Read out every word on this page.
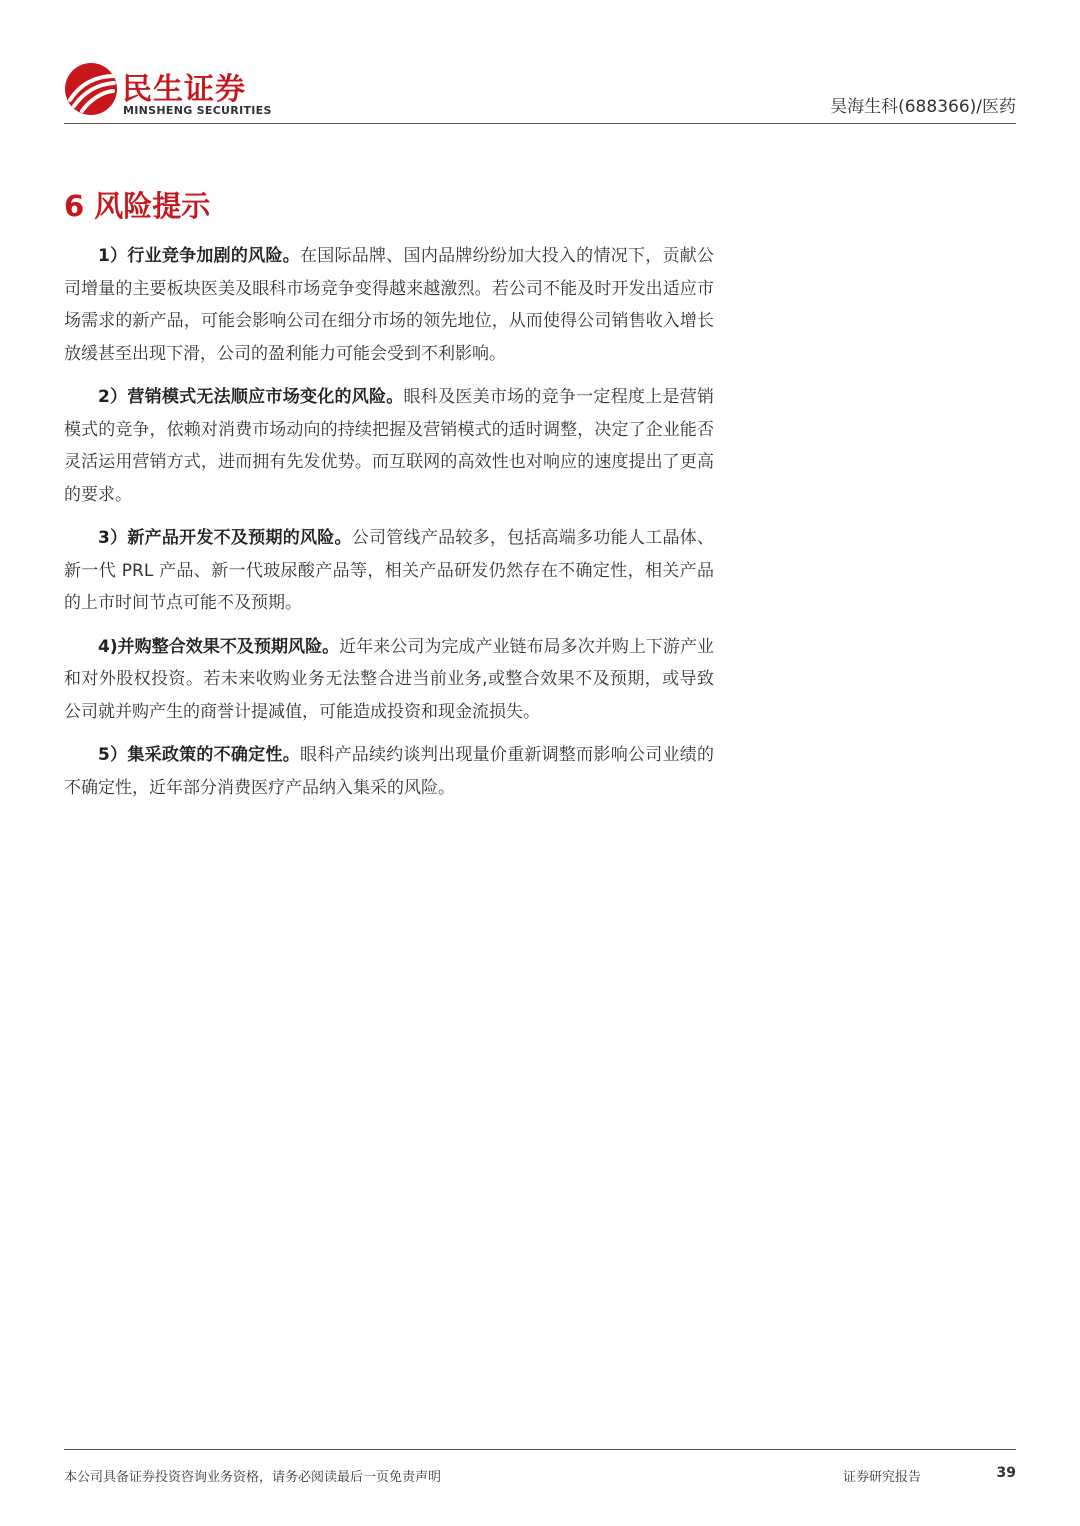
民生证券
MINSHENG SECURITIES	昊海生科(688366)/医药
6 风险提示

1）行业竞争加剧的风险。在国际品牌、国内品牌纷纷加大投入的情况下，贡献公司增量的主要板块医美及眼科市场竞争变得越来越激烈。若公司不能及时开发出适应市场需求的新产品，可能会影响公司在细分市场的领先地位，从而使得公司销售收入增长放缓甚至出现下滑，公司的盈利能力可能会受到不利影响。

2）营销模式无法顺应市场变化的风险。眼科及医美市场的竞争一定程度上是营销模式的竞争，依赖对消费市场动向的持续把握及营销模式的适时调整，决定了企业能否灵活运用营销方式，进而拥有先发优势。而互联网的高效性也对响应的速度提出了更高的要求。

3）新产品开发不及预期的风险。公司管线产品较多，包括高端多功能人工晶体、新一代 PRL 产品、新一代玻尿酸产品等，相关产品研发仍然存在不确定性，相关产品的上市时间节点可能不及预期。

4)并购整合效果不及预期风险。近年来公司为完成产业链布局多次并购上下游产业和对外股权投资。若未来收购业务无法整合进当前业务,或整合效果不及预期，或导致公司就并购产生的商誉计提减值，可能造成投资和现金流损失。

5）集采政策的不确定性。眼科产品续约谈判出现量价重新调整而影响公司业绩的不确定性，近年部分消费医疗产品纳入集采的风险。

本公司具备证券投资咨询业务资格，请务必阅读最后一页免责声明	证券研究报告	39
